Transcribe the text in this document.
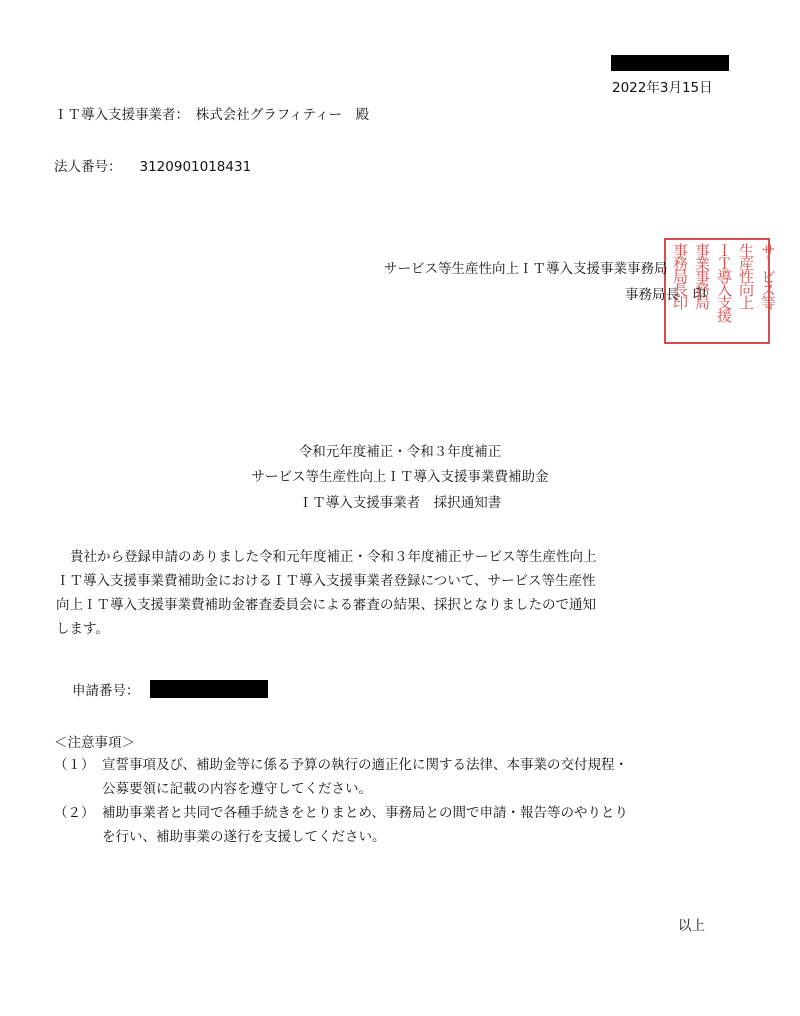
2022年3月15日
ＩＴ導入支援事業者：　株式会社グラフィティー　殿
法人番号： 3120901018431
サービス等
生産性向上
ＩＴ導入支援
事業事務局
事務局長印
サービス等生産性向上ＩＴ導入支援事業事務局
事務局長　印
令和元年度補正・令和３年度補正
サービス等生産性向上ＩＴ導入支援事業費補助金
ＩＴ導入支援事業者　採択通知書
貴社から登録申請のありました令和元年度補正・令和３年度補正サービス等生産性向上
ＩＴ導入支援事業費補助金におけるＩＴ導入支援事業者登録について、サービス等生産性
向上ＩＴ導入支援事業費補助金審査委員会による審査の結果、採択となりましたので通知
します。
申請番号：
＜注意事項＞
（１） 宣誓事項及び、補助金等に係る予算の執行の適正化に関する法律、本事業の交付規程・
公募要領に記載の内容を遵守してください。
（２） 補助事業者と共同で各種手続きをとりまとめ、事務局との間で申請・報告等のやりとり
を行い、補助事業の遂行を支援してください。
以上
